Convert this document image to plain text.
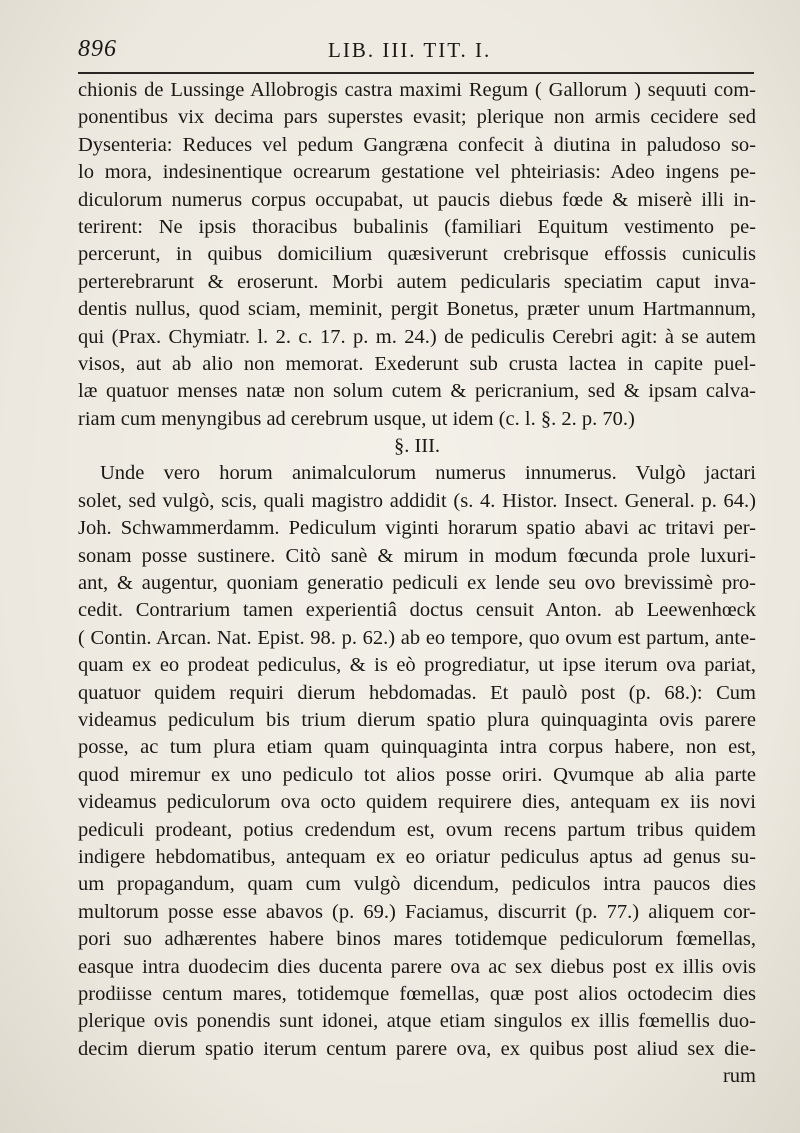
896	LIB. III. TIT. I.
chionis de Lussinge Allobrogis castra maximi Regum ( Gallorum ) sequuti com-
ponentibus vix decima pars superstes evasit; plerique non armis cecidere sed
Dysenteria: Reduces vel pedum Gangræna confecit à diutina in paludoso so-
lo mora, indesinentique ocrearum gestatione vel phteiriasis: Adeo ingens pe-
diculorum numerus corpus occupabat, ut paucis diebus fœde & miserè illi in-
terirent: Ne ipsis thoracibus bubalinis (familiari Equitum vestimento pe-
percerunt, in quibus domicilium quæsiverunt crebrisque effossis cuniculis
perterebrarunt & eroserunt. Morbi autem pedicularis speciatim caput inva-
dentis nullus, quod sciam, meminit, pergit Bonetus, præter unum Hartmannum,
qui (Prax. Chymiatr. l. 2. c. 17. p. m. 24.) de pediculis Cerebri agit: à se autem
visos, aut ab alio non memorat. Exederunt sub crusta lactea in capite puel-
læ quatuor menses natæ non solum cutem & pericranium, sed & ipsam calva-
riam cum menyngibus ad cerebrum usque, ut idem (c. l. §. 2. p. 70.)
§. III.
Unde vero horum animalculorum numerus innumerus. Vulgò jactari
solet, sed vulgò, scis, quali magistro addidit (s. 4. Histor. Insect. General. p. 64.)
Joh. Schwammerdamm. Pediculum viginti horarum spatio abavi ac tritavi per-
sonam posse sustinere. Citò sanè & mirum in modum fœcunda prole luxuri-
ant, & augentur, quoniam generatio pediculi ex lende seu ovo brevissimè pro-
cedit. Contrarium tamen experientiâ doctus censuit Anton. ab Leewenhœck
( Contin. Arcan. Nat. Epist. 98. p. 62.) ab eo tempore, quo ovum est partum, ante-
quam ex eo prodeat pediculus, & is eò progrediatur, ut ipse iterum ova pariat,
quatuor quidem requiri dierum hebdomadas. Et paulò post (p. 68.): Cum
videamus pediculum bis trium dierum spatio plura quinquaginta ovis parere
posse, ac tum plura etiam quam quinquaginta intra corpus habere, non est,
quod miremur ex uno pediculo tot alios posse oriri. Qvumque ab alia parte
videamus pediculorum ova octo quidem requirere dies, antequam ex iis novi
pediculi prodeant, potius credendum est, ovum recens partum tribus quidem
indigere hebdomatibus, antequam ex eo oriatur pediculus aptus ad genus su-
um propagandum, quam cum vulgò dicendum, pediculos intra paucos dies
multorum posse esse abavos (p. 69.) Faciamus, discurrit (p. 77.) aliquem cor-
pori suo adhærentes habere binos mares totidemque pediculorum fœmellas,
easque intra duodecim dies ducenta parere ova ac sex diebus post ex illis ovis
prodiisse centum mares, totidemque fœmellas, quæ post alios octodecim dies
plerique ovis ponendis sunt idonei, atque etiam singulos ex illis fœmellis duo-
decim dierum spatio iterum centum parere ova, ex quibus post aliud sex die-
rum
